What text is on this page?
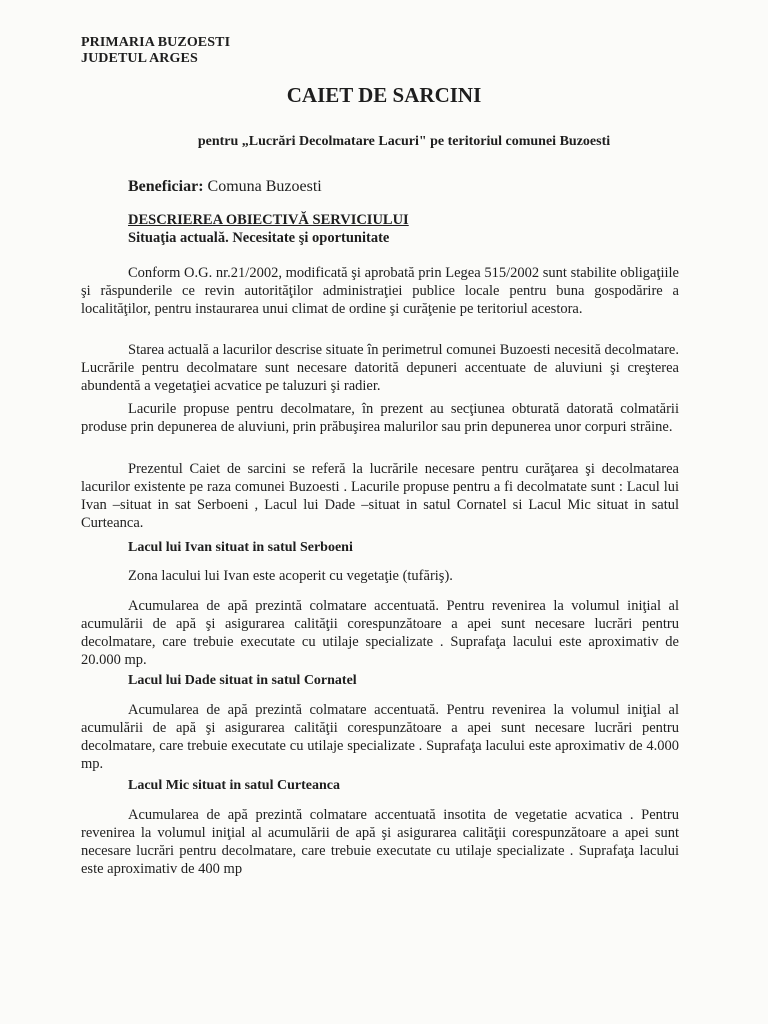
PRIMARIA BUZOESTI
JUDETUL ARGES
CAIET DE SARCINI
pentru „Lucrări Decolmatare Lacuri" pe teritoriul comunei Buzoesti
Beneficiar: Comuna Buzoesti
DESCRIEREA OBIECTIVĂ SERVICIULUI
Situaţia actuală. Necesitate şi oportunitate

Conform O.G. nr.21/2002, modificată şi aprobată prin Legea 515/2002 sunt stabilite obligaţiile şi răspunderile ce revin autorităţilor administraţiei publice locale pentru buna gospodărire a localităţilor, pentru instaurarea unui climat de ordine şi curăţenie pe teritoriul acestora.

Starea actuală a lacurilor descrise situate în perimetrul comunei Buzoesti necesită decolmatare. Lucrările pentru decolmatare sunt necesare datorită depuneri accentuate de aluviuni şi creşterea abundentă a vegetaţiei acvatice pe taluzuri şi radier.

Lacurile propuse pentru decolmatare, în prezent au secţiunea obturată datorată colmatării produse prin depunerea de aluviuni, prin prăbuşirea malurilor sau prin depunerea unor corpuri străine.

Prezentul Caiet de sarcini se referă la lucrările necesare pentru curăţarea şi decolmatarea lacurilor existente pe raza comunei Buzoesti . Lacurile propuse pentru a fi decolmatate sunt : Lacul lui Ivan –situat in sat Serboeni , Lacul lui Dade –situat in satul Cornatel si Lacul Mic situat in satul Curteanca.

Lacul lui Ivan situat in satul Serboeni
Zona lacului lui Ivan este acoperit cu vegetaţie (tufăriş).

Acumularea de apă prezintă colmatare accentuată. Pentru revenirea la volumul iniţial al acumulării de apă şi asigurarea calităţii corespunzătoare a apei sunt necesare lucrări pentru decolmatare, care trebuie executate cu utilaje specializate . Suprafaţa lacului este aproximativ de 20.000 mp.

Lacul lui Dade situat in satul Cornatel

Acumularea de apă prezintă colmatare accentuată. Pentru revenirea la volumul iniţial al acumulării de apă şi asigurarea calităţii corespunzătoare a apei sunt necesare lucrări pentru decolmatare, care trebuie executate cu utilaje specializate . Suprafaţa lacului este aproximativ de 4.000 mp.

Lacul Mic situat in satul Curteanca

Acumularea de apă prezintă colmatare accentuată insotita de vegetatie acvatica . Pentru revenirea la volumul iniţial al acumulării de apă şi asigurarea calităţii corespunzătoare a apei sunt necesare lucrări pentru decolmatare, care trebuie executate cu utilaje specializate . Suprafaţa lacului este aproximativ de 400 mp
